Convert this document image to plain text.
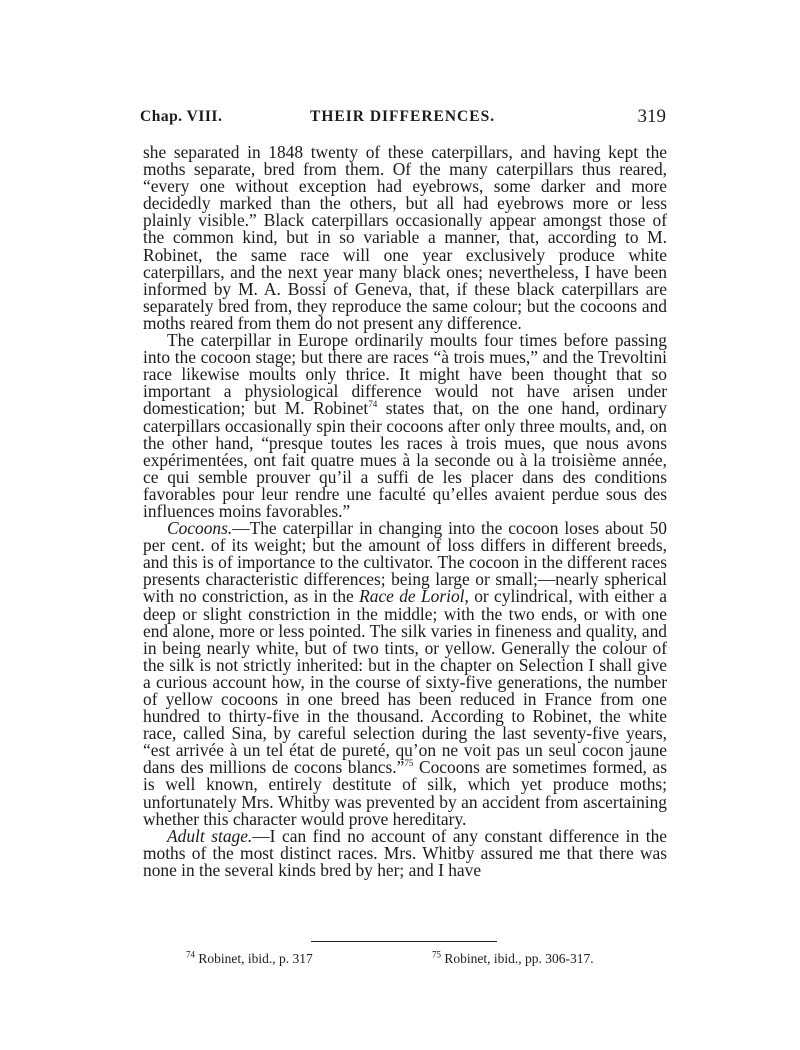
Chap. VIII.	THEIR DIFFERENCES.	319

she separated in 1848 twenty of these caterpillars, and having kept the moths separate, bred from them. Of the many caterpillars thus reared, “every one without exception had eyebrows, some darker and more decidedly marked than the others, but all had eyebrows more or less plainly visible.” Black caterpillars occasionally appear amongst those of the common kind, but in so variable a manner, that, according to M. Robinet, the same race will one year exclusively produce white caterpillars, and the next year many black ones; nevertheless, I have been informed by M. A. Bossi of Geneva, that, if these black caterpillars are separately bred from, they reproduce the same colour; but the cocoons and moths reared from them do not present any difference.

The caterpillar in Europe ordinarily moults four times before passing into the cocoon stage; but there are races “à trois mues,” and the Trevoltini race likewise moults only thrice. It might have been thought that so important a physiological difference would not have arisen under domestication; but M. Robinet$^{74}$ states that, on the one hand, ordinary caterpillars occasionally spin their cocoons after only three moults, and, on the other hand, “presque toutes les races à trois mues, que nous avons expérimentées, ont fait quatre mues à la seconde ou à la troisième année, ce qui semble prouver qu’il a suffi de les placer dans des conditions favorables pour leur rendre une faculté qu’elles avaient perdue sous des influences moins favorables.”

Cocoons.—The caterpillar in changing into the cocoon loses about 50 per cent. of its weight; but the amount of loss differs in different breeds, and this is of importance to the cultivator. The cocoon in the different races presents characteristic differences; being large or small;—nearly spherical with no constriction, as in the Race de Loriol, or cylindrical, with either a deep or slight constriction in the middle; with the two ends, or with one end alone, more or less pointed. The silk varies in fineness and quality, and in being nearly white, but of two tints, or yellow. Generally the colour of the silk is not strictly inherited: but in the chapter on Selection I shall give a curious account how, in the course of sixty-five generations, the number of yellow cocoons in one breed has been reduced in France from one hundred to thirty-five in the thousand. According to Robinet, the white race, called Sina, by careful selection during the last seventy-five years, “est arrivée à un tel état de pureté, qu’on ne voit pas un seul cocon jaune dans des millions de cocons blancs.”$^{75}$ Cocoons are sometimes formed, as is well known, entirely destitute of silk, which yet produce moths; unfortunately Mrs. Whitby was prevented by an accident from ascertaining whether this character would prove hereditary.

Adult stage.—I can find no account of any constant difference in the moths of the most distinct races. Mrs. Whitby assured me that there was none in the several kinds bred by her; and I have

$^{74}$ Robinet, ibid., p. 317	$^{75}$ Robinet, ibid., pp. 306-317.
